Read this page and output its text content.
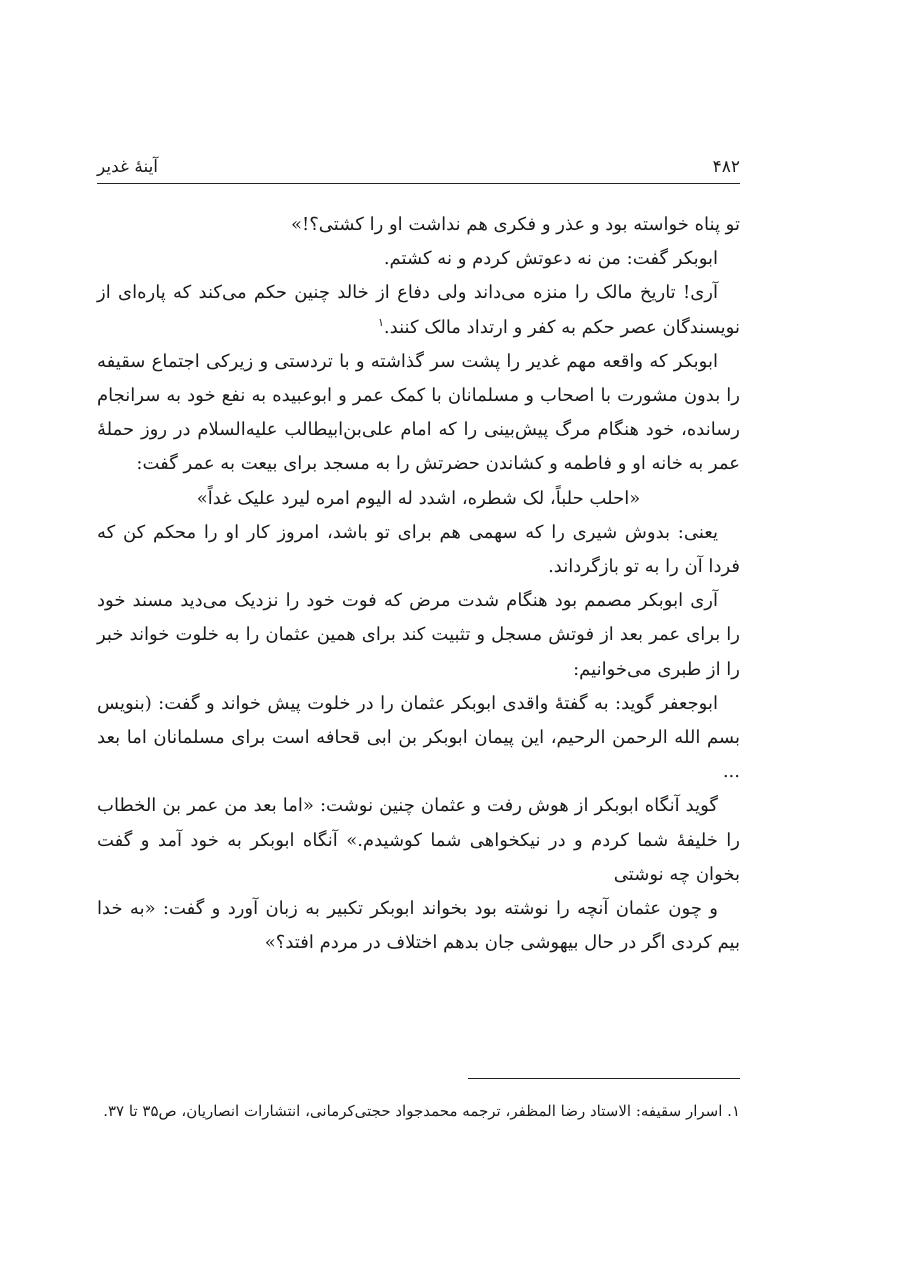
۴۸۲
آینۀ غدیر

تو پناه خواسته بود و عذر و فکری هم نداشت او را کشتی؟!»

ابوبکر گفت: من نه دعوتش کردم و نه کشتم.

آری! تاریخ مالک را منزه می‌داند ولی دفاع از خالد چنین حکم می‌کند که پاره‌ای از نویسندگان عصر حکم به کفر و ارتداد مالک کنند.$^۱$

ابوبکر که واقعه مهم غدیر را پشت سر گذاشته و با تردستی و زیرکی اجتماع سقیفه را بدون مشورت با اصحاب و مسلمانان با کمک عمر و ابوعبیده به نفع خود به سرانجام رسانده، خود هنگام مرگ پیش‌بینی را که امام علی‌بن‌ابیطالب علیه‌السلام در روز حملۀ عمر به خانه او و فاطمه و کشاندن حضرتش را به مسجد برای بیعت به عمر گفت:

«احلب حلباً، لک شطره، اشدد له الیوم امره لیرد علیک غداً»

یعنی: بدوش شیری را که سهمی هم برای تو باشد، امروز کار او را محکم کن که فردا آن را به تو بازگرداند.

آری ابوبکر مصمم بود هنگام شدت مرض که فوت خود را نزدیک می‌دید مسند خود را برای عمر بعد از فوتش مسجل و تثبیت کند برای همین عثمان را به خلوت خواند خبر را از طبری می‌خوانیم:

ابوجعفر گوید: به گفتۀ واقدی ابوبکر عثمان را در خلوت پیش خواند و گفت: (بنویس بسم الله الرحمن الرحیم، این پیمان ابوبکر بن ابی قحافه است برای مسلمانان اما بعد ...

گوید آنگاه ابوبکر از هوش رفت و عثمان چنین نوشت: «اما بعد من عمر بن الخطاب را خلیفۀ شما کردم و در نیکخواهی شما کوشیدم.» آنگاه ابوبکر به خود آمد و گفت بخوان چه نوشتی

و چون عثمان آنچه را نوشته بود بخواند ابوبکر تکبیر به زبان آورد و گفت: «به خدا بیم کردی اگر در حال بیهوشی جان بدهم اختلاف در مردم افتد؟»

۱. اسرار سقیفه: الاستاد رضا المظفر، ترجمه محمدجواد حجتی‌کرمانی، انتشارات انصاریان، ص۳۵ تا ۳۷.
